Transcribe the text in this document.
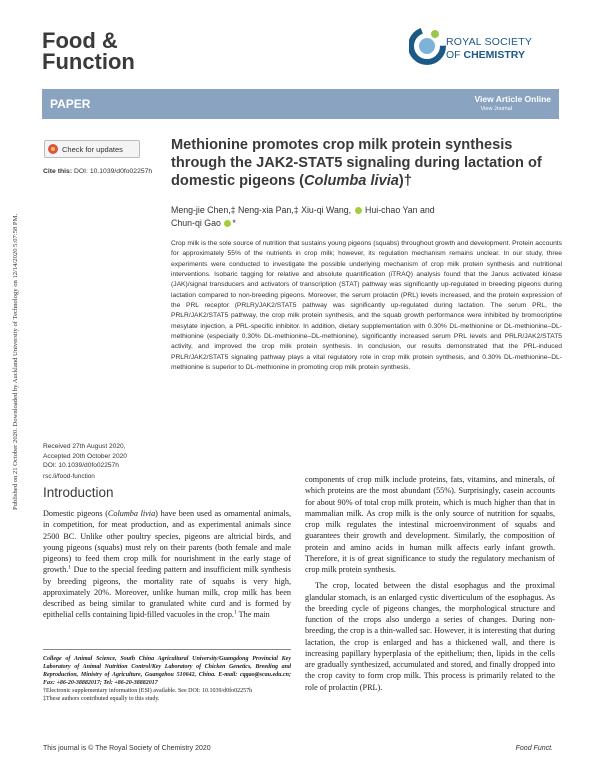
Published on 21 October 2020. Downloaded by Auckland University of Technology on 12/14/2020 5:07:58 PM.
Food &
Function
ROYAL SOCIETY
OF CHEMISTRY
PAPER	View Article Online
View Journal
Check for updates
Cite this: DOI: 10.1039/d0fo02257h
Methionine promotes crop milk protein synthesis through the JAK2-STAT5 signaling during lactation of domestic pigeons (Columba livia)†
Meng-jie Chen,‡ Neng-xia Pan,‡ Xiu-qi Wang, Hui-chao Yan and
Chun-qi Gao *
Crop milk is the sole source of nutrition that sustains young pigeons (squabs) throughout growth and development. Protein accounts for approximately 55% of the nutrients in crop milk; however, its regulation mechanism remains unclear. In our study, three experiments were conducted to investigate the possible underlying mechanism of crop milk protein synthesis and nutritional interventions. Isobaric tagging for relative and absolute quantification (iTRAQ) analysis found that the Janus activated kinase (JAK)/signal transducers and activators of transcription (STAT) pathway was significantly up-regulated in breeding pigeons during lactation compared to non-breeding pigeons. Moreover, the serum prolactin (PRL) levels increased, and the protein expression of the PRL receptor (PRLR)/JAK2/STAT5 pathway was significantly up-regulated during lactation. The serum PRL, the PRLR/JAK2/STAT5 pathway, the crop milk protein synthesis, and the squab growth performance were inhibited by bromocriptine mesylate injection, a PRL-specific inhibitor. In addition, dietary supplementation with 0.30% DL-methionine or DL-methionine–DL-methionine (especially 0.30% DL-methionine–DL-methionine), significantly increased serum PRL levels and PRLR/JAK2/STAT5 activity, and improved the crop milk protein synthesis. In conclusion, our results demonstrated that the PRL-induced PRLR/JAK2/STAT5 signaling pathway plays a vital regulatory role in crop milk protein synthesis, and 0.30% DL-methionine–DL-methionine is superior to DL-methionine in promoting crop milk protein synthesis.
Received 27th August 2020,
Accepted 20th October 2020
DOI: 10.1039/d0fo02257h
rsc.li/food-function

Domestic pigeons (Columba livia) have been used as ornamental animals, in competition, for meat production, and as experimental animals since 2500 BC. Unlike other poultry species, pigeons are altricial birds, and young pigeons (squabs) must rely on their parents (both female and male pigeons) to feed them crop milk for nourishment in the early stage of growth.$^1$ Due to the special feeding pattern and insufficient milk synthesis by breeding pigeons, the mortality rate of squabs is very high, approximately 20%. Moreover, unlike human milk, crop milk has been described as being similar to granulated white curd and is formed by epithelial cells containing lipid-filled vacuoles in the crop.$^1$ The main

Introduction

components of crop milk include proteins, fats, vitamins, and minerals, of which proteins are the most abundant (55%). Surprisingly, casein accounts for about 90% of total crop milk protein, which is much higher than that in mammalian milk. As crop milk is the only source of nutrition for squabs, crop milk regulates the intestinal microenvironment of squabs and guarantees their growth and development. Similarly, the composition of protein and amino acids in human milk affects early infant growth. Therefore, it is of great significance to study the regulatory mechanism of crop milk protein synthesis.

The crop, located between the distal esophagus and the proximal glandular stomach, is an enlarged cystic diverticulum of the esophagus. As the breeding cycle of pigeons changes, the morphological structure and function of the crops also undergo a series of changes. During non-breeding, the crop is a thin-walled sac. However, it is interesting that during lactation, the crop is enlarged and has a thickened wall, and there is increasing papillary hyperplasia of the epithelium; then, lipids in the cells are gradually synthesized, accumulated and stored, and finally dropped into the crop cavity to form crop milk. This process is primarily related to the role of prolactin (PRL).

College of Animal Science, South China Agricultural University/Guangdong Provincial Key Laboratory of Animal Nutrition Control/Key Laboratory of Chicken Genetics, Breeding and Reproduction, Ministry of Agriculture, Guangzhou 510642, China. E-mail: cqgao@scau.edu.cn; Fax: +86-20-38882017; Tel: +86-20-38882017

†Electronic supplementary information (ESI) available. See DOI: 10.1039/d0fo02257h

‡These authors contributed equally to this study.

This journal is © The Royal Society of Chemistry 2020	Food Funct.
